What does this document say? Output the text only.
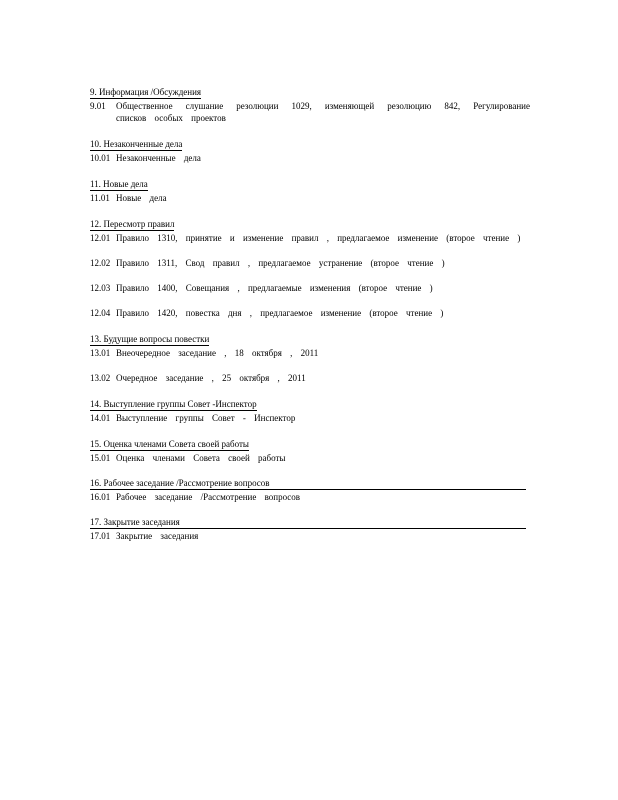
9. Информация /Обсуждения
9.01	Общественное слушание резолюции 1029, изменяющей резолюцию 842, Регулирование списков особых проектов
10. Незаконченные дела
10.01 Незаконченные дела
11. Новые дела
11.01 Новые дела
12. Пересмотр правил
12.01 Правило 1310, принятие и изменение правил , предлагаемое изменение (второе чтение )
12.02 Правило 1311, Свод правил , предлагаемое устранение (второе чтение )
12.03 Правило 1400, Совещания , предлагаемые изменения (второе чтение )
12.04 Правило 1420, повестка дня , предлагаемое изменение (второе чтение )
13. Будущие вопросы повестки
13.01 Внеочередное заседание , 18 октября , 2011
13.02 Очередное заседание , 25 октября , 2011
14. Выступление группы Совет -Инспектор
14.01 Выступление группы Совет - Инспектор
15. Оценка членами Совета своей работы
15.01 Оценка членами Совета своей работы
16. Рабочее заседание /Рассмотрение вопросов
16.01 Рабочее заседание /Рассмотрение вопросов
17. Закрытие заседания
17.01 Закрытие заседания
